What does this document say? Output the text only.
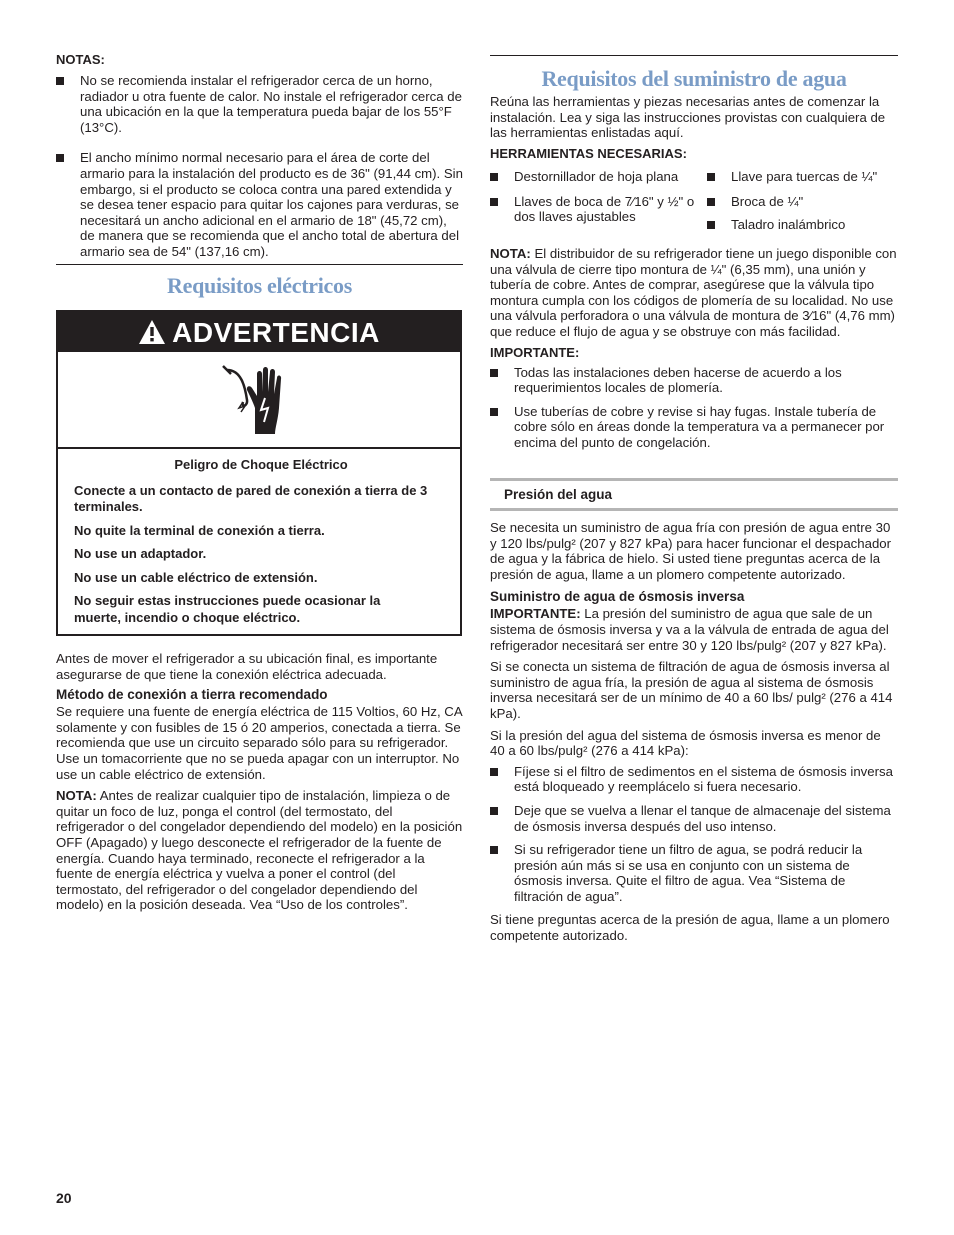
NOTAS:
No se recomienda instalar el refrigerador cerca de un horno, radiador u otra fuente de calor. No instale el refrigerador cerca de una ubicación en la que la temperatura pueda bajar de los 55°F (13°C).
El ancho mínimo normal necesario para el área de corte del armario para la instalación del producto es de 36" (91,44 cm). Sin embargo, si el producto se coloca contra una pared extendida y se desea tener espacio para quitar los cajones para verduras, se necesitará un ancho adicional en el armario de 18" (45,72 cm), de manera que se recomienda que el ancho total de abertura del armario sea de 54" (137,16 cm).
Requisitos eléctricos
ADVERTENCIA

Peligro de Choque Eléctrico

Conecte a un contacto de pared de conexión a tierra de 3 terminales.

No quite la terminal de conexión a tierra.

No use un adaptador.

No use un cable eléctrico de extensión.

No seguir estas instrucciones puede ocasionar la muerte, incendio o choque eléctrico.

Antes de mover el refrigerador a su ubicación final, es importante asegurarse de que tiene la conexión eléctrica adecuada.

Método de conexión a tierra recomendado

Se requiere una fuente de energía eléctrica de 115 Voltios, 60 Hz, CA solamente y con fusibles de 15 ó 20 amperios, conectada a tierra. Se recomienda que use un circuito separado sólo para su refrigerador. Use un tomacorriente que no se pueda apagar con un interruptor. No use un cable eléctrico de extensión.

NOTA: Antes de realizar cualquier tipo de instalación, limpieza o de quitar un foco de luz, ponga el control (del termostato, del refrigerador o del congelador dependiendo del modelo) en la posición OFF (Apagado) y luego desconecte el refrigerador de la fuente de energía. Cuando haya terminado, reconecte el refrigerador a la fuente de energía eléctrica y vuelva a poner el control (del termostato, del refrigerador o del congelador dependiendo del modelo) en la posición deseada. Vea “Uso de los controles”.

20
Requisitos del suministro de agua

Reúna las herramientas y piezas necesarias antes de comenzar la instalación. Lea y siga las instrucciones provistas con cualquiera de las herramientas enlistadas aquí.

HERRAMIENTAS NECESARIAS:
Destornillador de hoja plana
Llaves de boca de 7⁄16" y ½" o dos llaves ajustables
Llave para tuercas de ¼"
Broca de ¼"
Taladro inalámbrico

NOTA: El distribuidor de su refrigerador tiene un juego disponible con una válvula de cierre tipo montura de ¼" (6,35 mm), una unión y tubería de cobre. Antes de comprar, asegúrese que la válvula tipo montura cumpla con los códigos de plomería de su localidad. No use una válvula perforadora o una válvula de montura de 3⁄16" (4,76 mm) que reduce el flujo de agua y se obstruye con más facilidad.

IMPORTANTE:
Todas las instalaciones deben hacerse de acuerdo a los requerimientos locales de plomería.
Use tuberías de cobre y revise si hay fugas. Instale tubería de cobre sólo en áreas donde la temperatura va a permanecer por encima del punto de congelación.
Presión del agua

Se necesita un suministro de agua fría con presión de agua entre 30 y 120 lbs/pulg² (207 y 827 kPa) para hacer funcionar el despachador de agua y la fábrica de hielo. Si usted tiene preguntas acerca de la presión de agua, llame a un plomero competente autorizado.

Suministro de agua de ósmosis inversa

IMPORTANTE: La presión del suministro de agua que sale de un sistema de ósmosis inversa y va a la válvula de entrada de agua del refrigerador necesitará ser entre 30 y 120 lbs/pulg² (207 y 827 kPa).

Si se conecta un sistema de filtración de agua de ósmosis inversa al suministro de agua fría, la presión de agua al sistema de ósmosis inversa necesitará ser de un mínimo de 40 a 60 lbs/ pulg² (276 a 414 kPa).

Si la presión del agua del sistema de ósmosis inversa es menor de 40 a 60 lbs/pulg² (276 a 414 kPa):

Fíjese si el filtro de sedimentos en el sistema de ósmosis inversa está bloqueado y reemplácelo si fuera necesario.
Deje que se vuelva a llenar el tanque de almacenaje del sistema de ósmosis inversa después del uso intenso.
Si su refrigerador tiene un filtro de agua, se podrá reducir la presión aún más si se usa en conjunto con un sistema de ósmosis inversa. Quite el filtro de agua. Vea “Sistema de filtración de agua”.

Si tiene preguntas acerca de la presión de agua, llame a un plomero competente autorizado.
